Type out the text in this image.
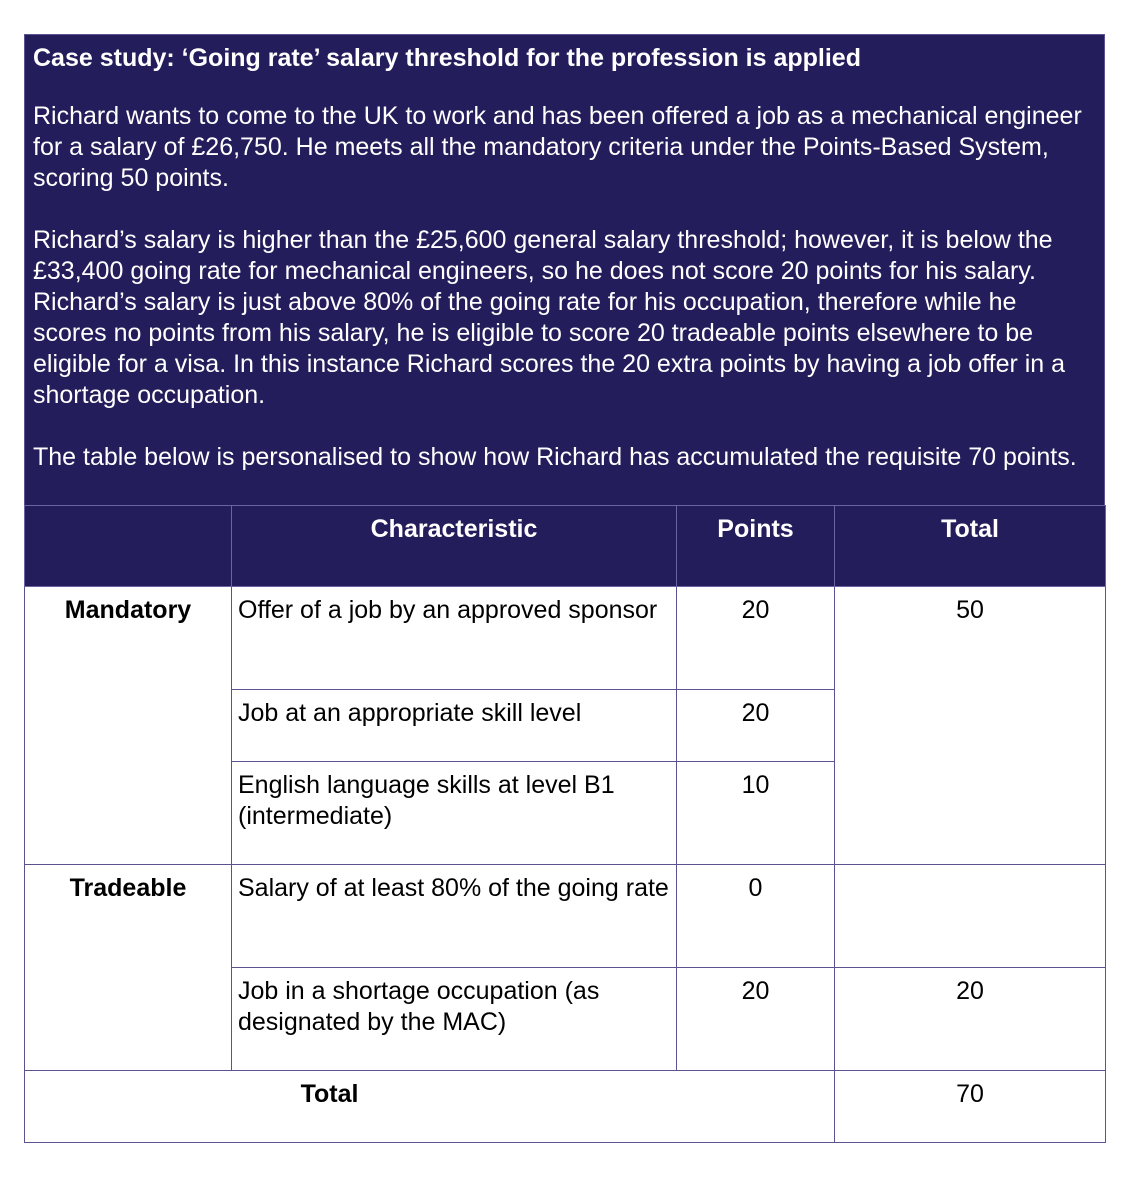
Case study: ‘Going rate’ salary threshold for the profession is applied

Richard wants to come to the UK to work and has been offered a job as a mechanical engineer for a salary of £26,750. He meets all the mandatory criteria under the Points-Based System, scoring 50 points.

Richard’s salary is higher than the £25,600 general salary threshold; however, it is below the £33,400 going rate for mechanical engineers, so he does not score 20 points for his salary. Richard’s salary is just above 80% of the going rate for his occupation, therefore while he scores no points from his salary, he is eligible to score 20 tradeable points elsewhere to be eligible for a visa. In this instance Richard scores the 20 extra points by having a job offer in a shortage occupation.

The table below is personalised to show how Richard has accumulated the requisite 70 points.

	Characteristic	Points	Total
Mandatory	Offer of a job by an approved sponsor	20	50
	Job at an appropriate skill level	20	
	English language skills at level B1 (intermediate)	10	
Tradeable	Salary of at least 80% of the going rate	0	
	Job in a shortage occupation (as designated by the MAC)	20	20
Total			70
